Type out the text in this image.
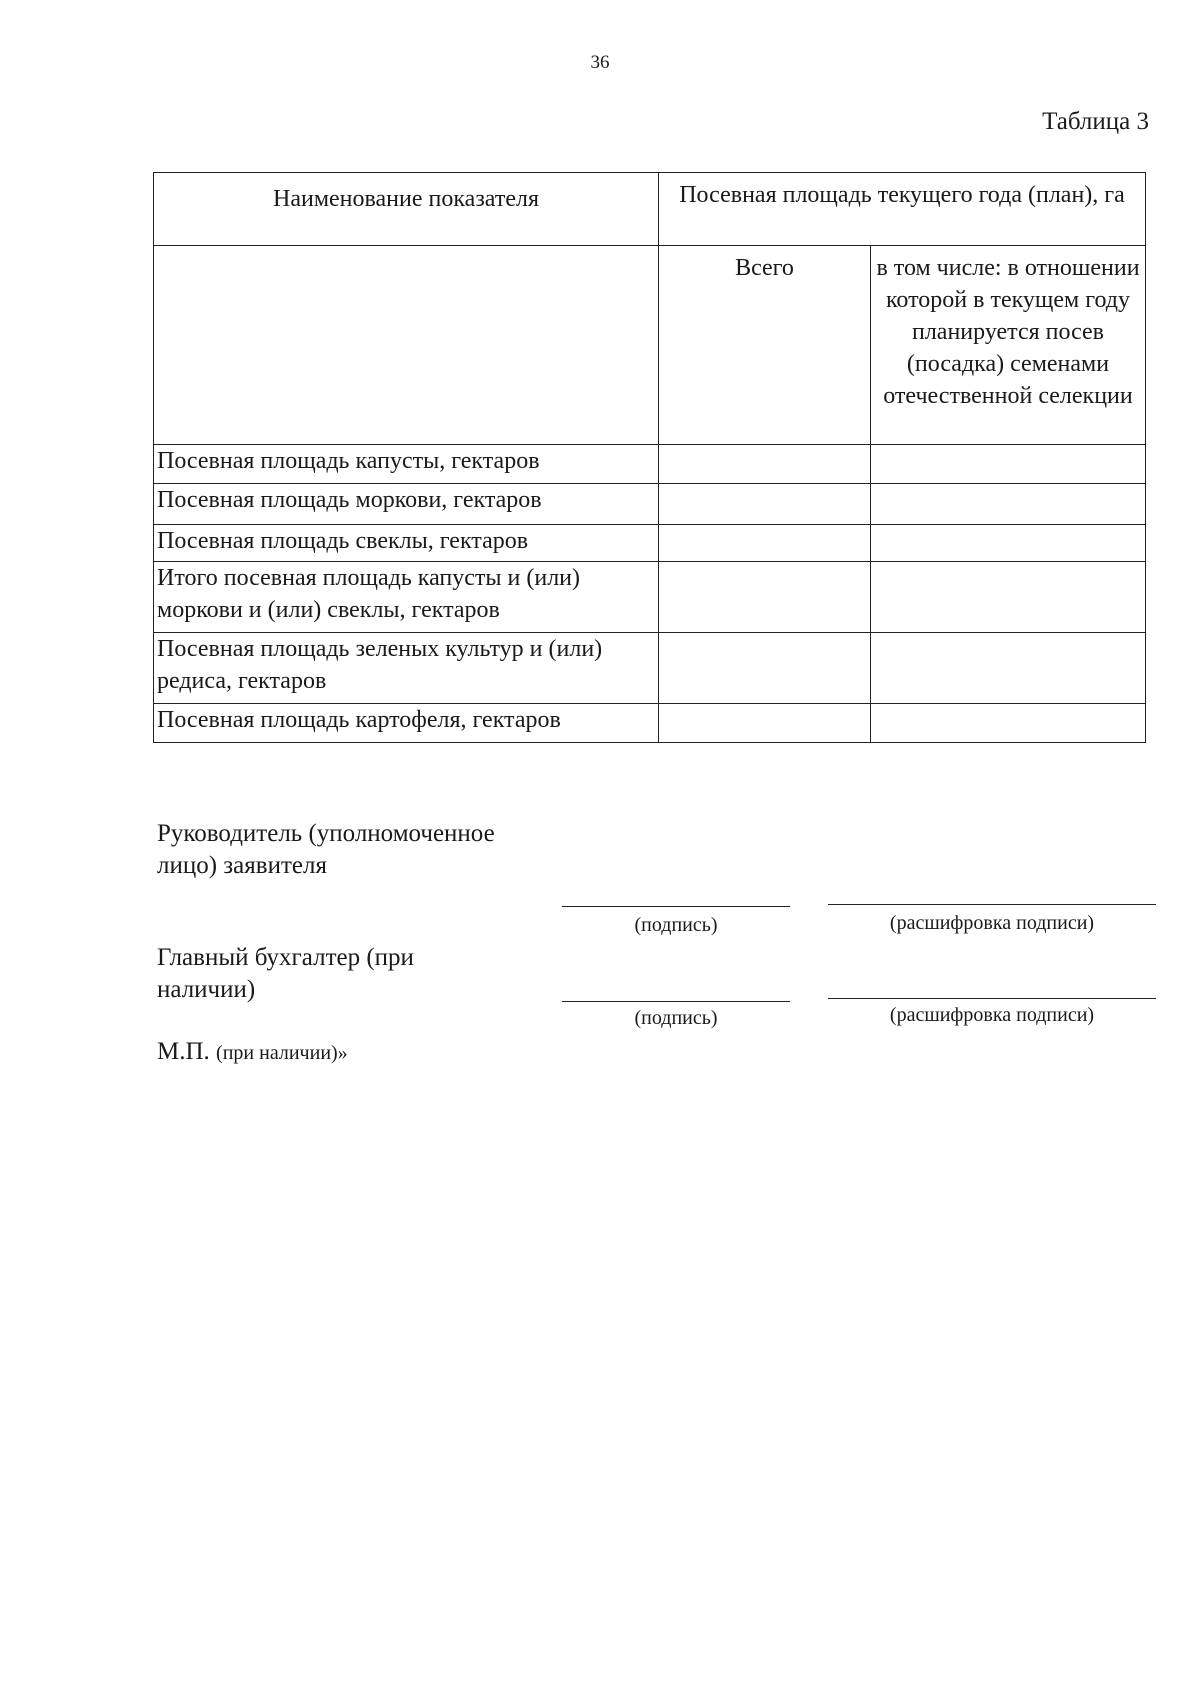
36
Таблица 3
Наименование показателя	Посевная площадь текущего года (план), га	
	Всего	в том числе: в отношении которой в текущем году планируется посев (посадка) семенами отечественной селекции
Посевная площадь капусты, гектаров		
Посевная площадь моркови, гектаров		
Посевная площадь свеклы, гектаров		
Итого посевная площадь капусты и (или) моркови и (или) свеклы, гектаров		
Посевная площадь зеленых культур и (или) редиса, гектаров		
Посевная площадь картофеля, гектаров		
Руководитель (уполномоченное лицо) заявителя
(подпись)	(расшифровка подписи)
Главный бухгалтер (при наличии)
(подпись)	(расшифровка подписи)
М.П. (при наличии)»
